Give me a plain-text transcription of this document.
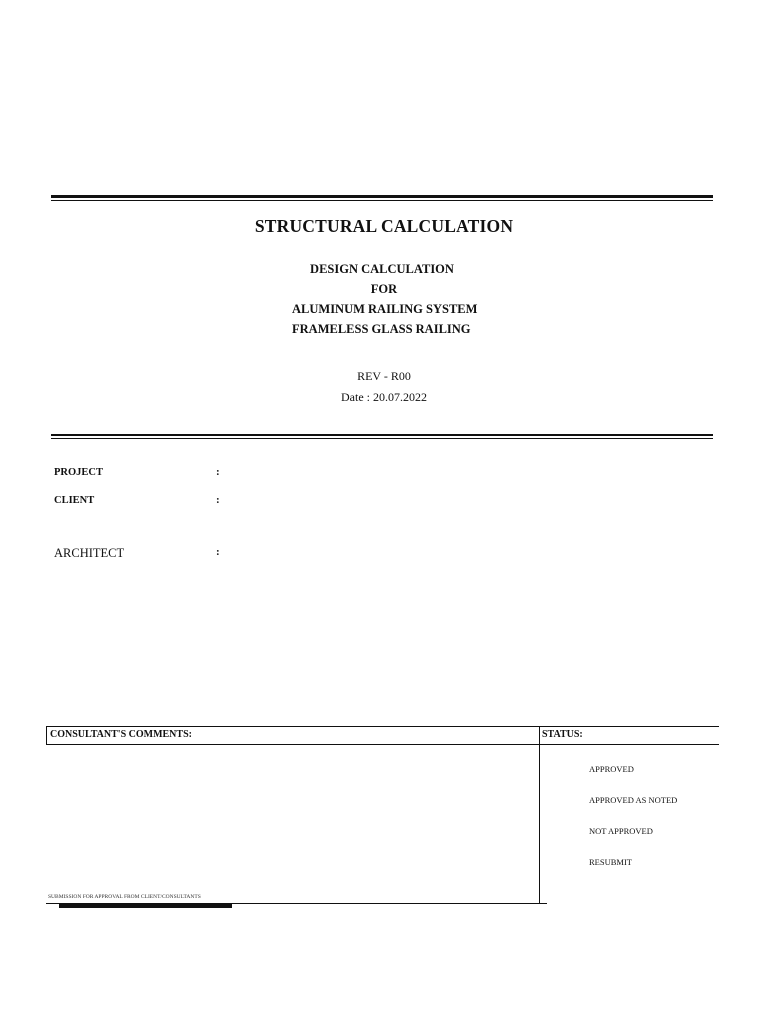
STRUCTURAL CALCULATION
DESIGN CALCULATION
FOR
ALUMINUM RAILING SYSTEM
FRAMELESS GLASS RAILING
REV - R00
Date : 20.07.2022
PROJECT	:
CLIENT	:
ARCHITECT	:
CONSULTANT'S COMMENTS:	STATUS:
APPROVED
APPROVED AS NOTED
NOT APPROVED
RESUBMIT
SUBMISSION FOR APPROVAL FROM CLIENT/CONSULTANTS
